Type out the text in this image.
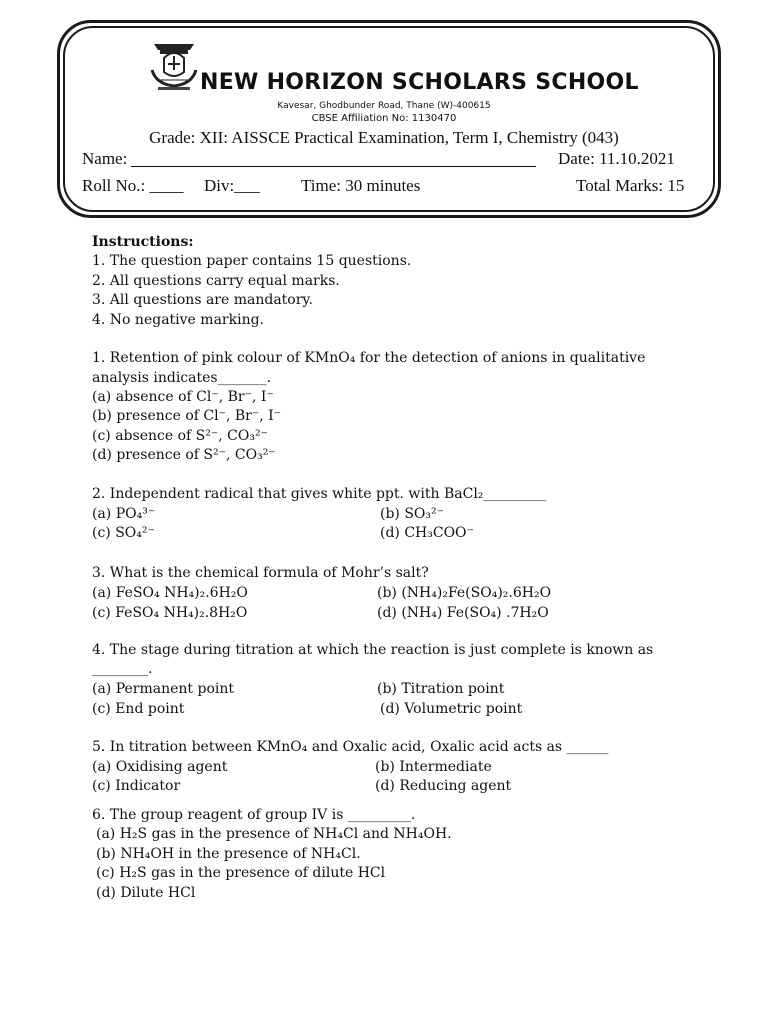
NEW HORIZON SCHOLARS SCHOOL
Kavesar, Ghodbunder Road, Thane (W)-400615
CBSE Affiliation No: 1130470
Grade: XII: AISSCE Practical Examination, Term I, Chemistry (043)
Name:	Date: 11.10.2021
Roll No.: ____ Div:___ Time: 30 minutes	Total Marks: 15
Instructions:
1. The question paper contains 15 questions.
2. All questions carry equal marks.
3. All questions are mandatory.
4. No negative marking.
1. Retention of pink colour of KMnO₄ for the detection of anions in qualitative
analysis indicates_______.
(a) absence of Cl⁻, Br⁻, I⁻
(b) presence of Cl⁻, Br⁻, I⁻
(c) absence of S²⁻, CO₃²⁻
(d) presence of S²⁻, CO₃²⁻
2. Independent radical that gives white ppt. with BaCl₂_________
(a) PO₄³⁻	(b) SO₃²⁻
(c) SO₄²⁻	(d) CH₃COO⁻
3. What is the chemical formula of Mohr’s salt?
(a) FeSO₄ NH₄)₂.6H₂O	(b) (NH₄)₂Fe(SO₄)₂.6H₂O
(c) FeSO₄ NH₄)₂.8H₂O	(d) (NH₄) Fe(SO₄) .7H₂O
4. The stage during titration at which the reaction is just complete is known as
________.
(a) Permanent point	(b) Titration point
(c) End point	(d) Volumetric point
5. In titration between KMnO₄ and Oxalic acid, Oxalic acid acts as ______
(a) Oxidising agent	(b) Intermediate
(c) Indicator	(d) Reducing agent
6. The group reagent of group IV is _________.
(a) H₂S gas in the presence of NH₄Cl and NH₄OH.
(b) NH₄OH in the presence of NH₄Cl.
(c) H₂S gas in the presence of dilute HCl
(d) Dilute HCl
